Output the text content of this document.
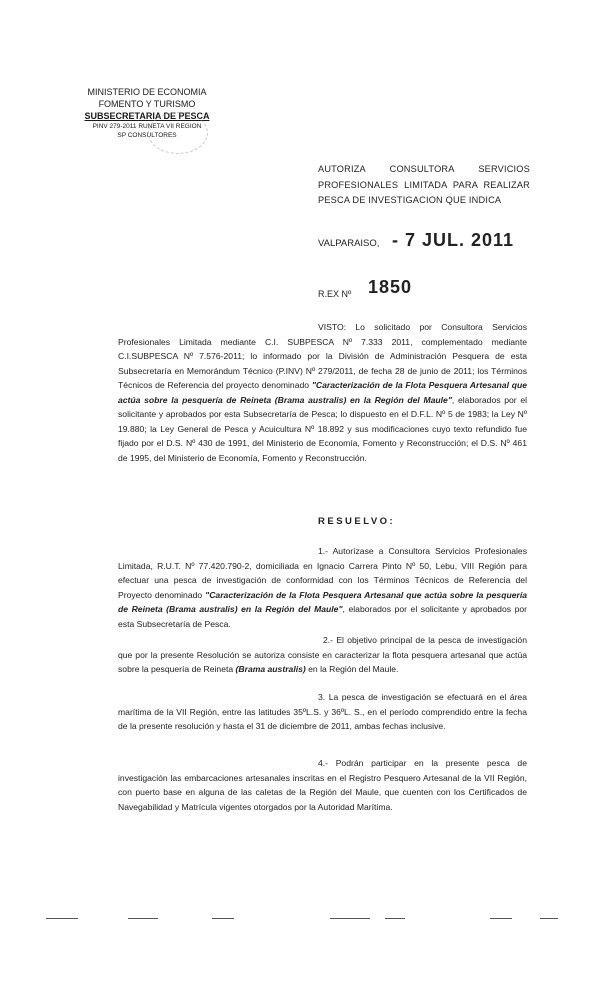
MINISTERIO DE ECONOMIA
FOMENTO Y TURISMO
SUBSECRETARIA DE PESCA
PINV 279-2011 RUNETA VII REGION
SP CONSULTORES
AUTORIZA CONSULTORA SERVICIOS PROFESIONALES LIMITADA PARA REALIZAR PESCA DE INVESTIGACION QUE INDICA
VALPARAISO, - 7 JUL. 2011
R.EX Nº 1850
VISTO: Lo solicitado por Consultora Servicios Profesionales Limitada mediante C.I. SUBPESCA Nº 7.333 2011, complementado mediante C.I.SUBPESCA Nº 7.576-2011; lo informado por la División de Administración Pesquera de esta Subsecretaría en Memorándum Técnico (P.INV) Nº 279/2011, de fecha 28 de junio de 2011; los Términos Técnicos de Referencia del proyecto denominado "Caracterización de la Flota Pesquera Artesanal que actúa sobre la pesquería de Reineta (Brama australis) en la Región del Maule", elaborados por el solicitante y aprobados por esta Subsecretaría de Pesca; lo dispuesto en el D.F.L. Nº 5 de 1983; la Ley Nº 19.880; la Ley General de Pesca y Acuicultura Nº 18.892 y sus modificaciones cuyo texto refundido fue fijado por el D.S. Nº 430 de 1991, del Ministerio de Economía, Fomento y Reconstrucción; el D.S. Nº 461 de 1995, del Ministerio de Economía, Fomento y Reconstrucción.
RESUELVO:
1.- Autorízase a Consultora Servicios Profesionales Limitada, R.U.T. Nº 77.420.790-2, domiciliada en Ignacio Carrera Pinto Nº 50, Lebu, VIII Región para efectuar una pesca de investigación de conformidad con los Términos Técnicos de Referencia del Proyecto denominado "Caracterización de la Flota Pesquera Artesanal que actúa sobre la pesquería de Reineta (Brama australis) en la Región del Maule", elaborados por el solicitante y aprobados por esta Subsecretaría de Pesca.
2.- El objetivo principal de la pesca de investigación que por la presente Resolución se autoriza consiste en caracterizar la flota pesquera artesanal que actúa sobre la pesquería de Reineta (Brama australis) en la Región del Maule.
3. La pesca de investigación se efectuará en el área marítima de la VII Región, entre las latitudes 35ºL.S. y 36ºL. S., en el período comprendido entre la fecha de la presente resolución y hasta el 31 de diciembre de 2011, ambas fechas inclusive.
4.- Podrán participar en la presente pesca de investigación las embarcaciones artesanales inscritas en el Registro Pesquero Artesanal de la VII Región, con puerto base en alguna de las caletas de la Región del Maule, que cuenten con los Certificados de Navegabilidad y Matrícula vigentes otorgados por la Autoridad Marítima.
